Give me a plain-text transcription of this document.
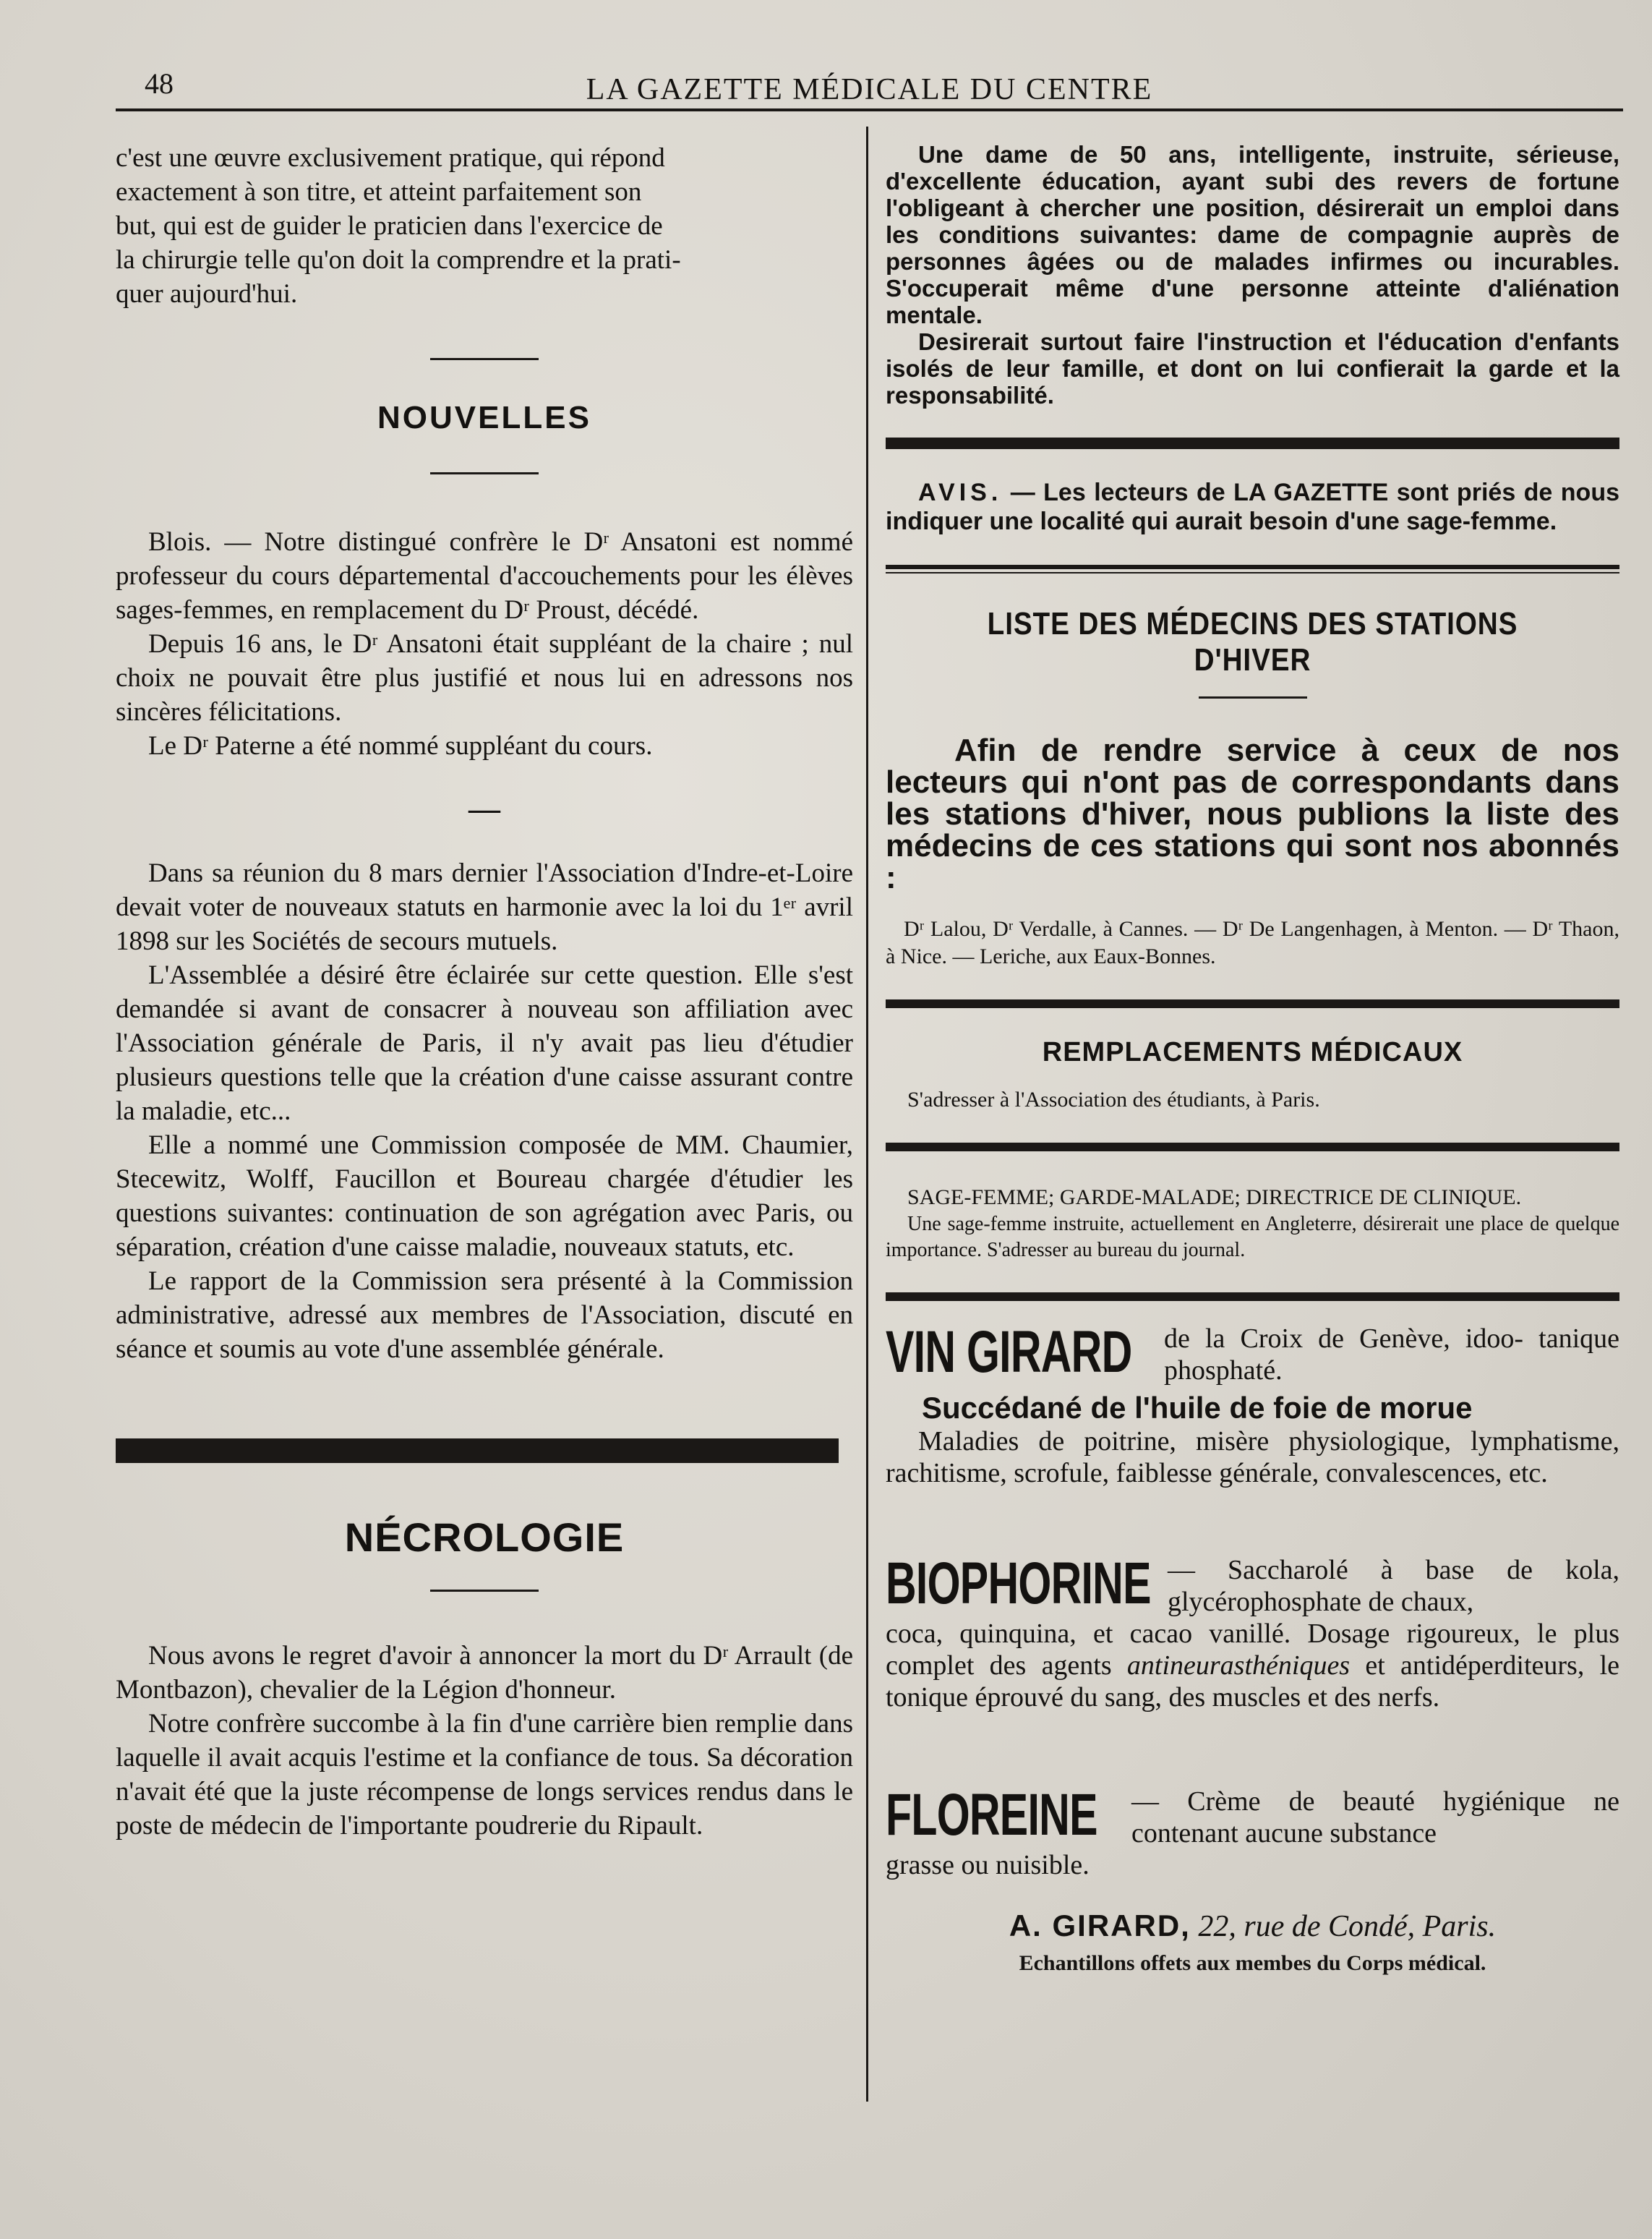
48	LA GAZETTE MÉDICALE DU CENTRE
c'est une œuvre exclusivement pratique, qui répond
exactement à son titre, et atteint parfaitement son
but, qui est de guider le praticien dans l'exercice de
la chirurgie telle qu'on doit la comprendre et la prati-
quer aujourd'hui.
NOUVELLES

Blois. — Notre distingué confrère le Dʳ Ansatoni est nommé professeur du cours départemental d'accouchements pour les élèves sages-femmes, en remplacement du Dʳ Proust, décédé.

Depuis 16 ans, le Dʳ Ansatoni était suppléant de la chaire ; nul choix ne pouvait être plus justifié et nous lui en adressons nos sincères félicitations.

Le Dʳ Paterne a été nommé suppléant du cours.

—

Dans sa réunion du 8 mars dernier l'Association d'Indre-et-Loire devait voter de nouveaux statuts en harmonie avec la loi du 1ᵉʳ avril 1898 sur les Sociétés de secours mutuels.

L'Assemblée a désiré être éclairée sur cette question. Elle s'est demandée si avant de consacrer à nouveau son affiliation avec l'Association générale de Paris, il n'y avait pas lieu d'étudier plusieurs questions telle que la création d'une caisse assurant contre la maladie, etc...

Elle a nommé une Commission composée de MM. Chaumier, Stecewitz, Wolff, Faucillon et Boureau chargée d'étudier les questions suivantes: continuation de son agrégation avec Paris, ou séparation, création d'une caisse maladie, nouveaux statuts, etc.

Le rapport de la Commission sera présenté à la Commission administrative, adressé aux membres de l'Association, discuté en séance et soumis au vote d'une assemblée générale.

NÉCROLOGIE

Nous avons le regret d'avoir à annoncer la mort du Dʳ Arrault (de Montbazon), chevalier de la Légion d'honneur.

Notre confrère succombe à la fin d'une carrière bien remplie dans laquelle il avait acquis l'estime et la confiance de tous. Sa décoration n'avait été que la juste récompense de longs services rendus dans le poste de médecin de l'importante poudrerie du Ripault.

Une dame de 50 ans, intelligente, instruite, sérieuse, d'excellente éducation, ayant subi des revers de fortune l'obligeant à chercher une position, désirerait un emploi dans les conditions suivantes: dame de compagnie auprès de personnes âgées ou de malades infirmes ou incurables. S'occuperait même d'une personne atteinte d'aliénation mentale.
Desirerait surtout faire l'instruction et l'éducation d'enfants isolés de leur famille, et dont on lui confierait la garde et la responsabilité.
AVIS. — Les lecteurs de LA GAZETTE sont priés de nous indiquer une localité qui aurait besoin d'une sage-femme.
LISTE DES MÉDECINS DES STATIONS D'HIVER
Afin de rendre service à ceux de nos lecteurs qui n'ont pas de correspondants dans les stations d'hiver, nous publions la liste des médecins de ces stations qui sont nos abonnés :
Dʳ Lalou, Dʳ Verdalle, à Cannes. — Dʳ De Langenhagen, à Menton. — Dʳ Thaon, à Nice. — Leriche, aux Eaux-Bonnes.
REMPLACEMENTS MÉDICAUX
S'adresser à l'Association des étudiants, à Paris.
SAGE-FEMME; GARDE-MALADE; DIRECTRICE DE CLINIQUE.
Une sage-femme instruite, actuellement en Angleterre, désirerait une place de quelque importance. S'adresser au bureau du journal.
VIN GIRARD	de la Croix de Genève, idoo- tanique phosphaté.
Succédané de l'huile de foie de morue
Maladies de poitrine, misère physiologique, lymphatisme, rachitisme, scrofule, faiblesse générale, convalescences, etc.
BIOPHORINE — Saccharolé à base de kola, glycérophosphate de chaux,
coca, quinquina, et cacao vanillé. Dosage rigoureux, le plus complet des agents antineurasthéniques et antidéperditeurs, le tonique éprouvé du sang, des muscles et des nerfs.
FLOREINE	— Crème de beauté hygiénique ne contenant aucune substance
grasse ou nuisible.
A. GIRARD, 22, rue de Condé, Paris.
Echantillons offets aux membes du Corps médical.
